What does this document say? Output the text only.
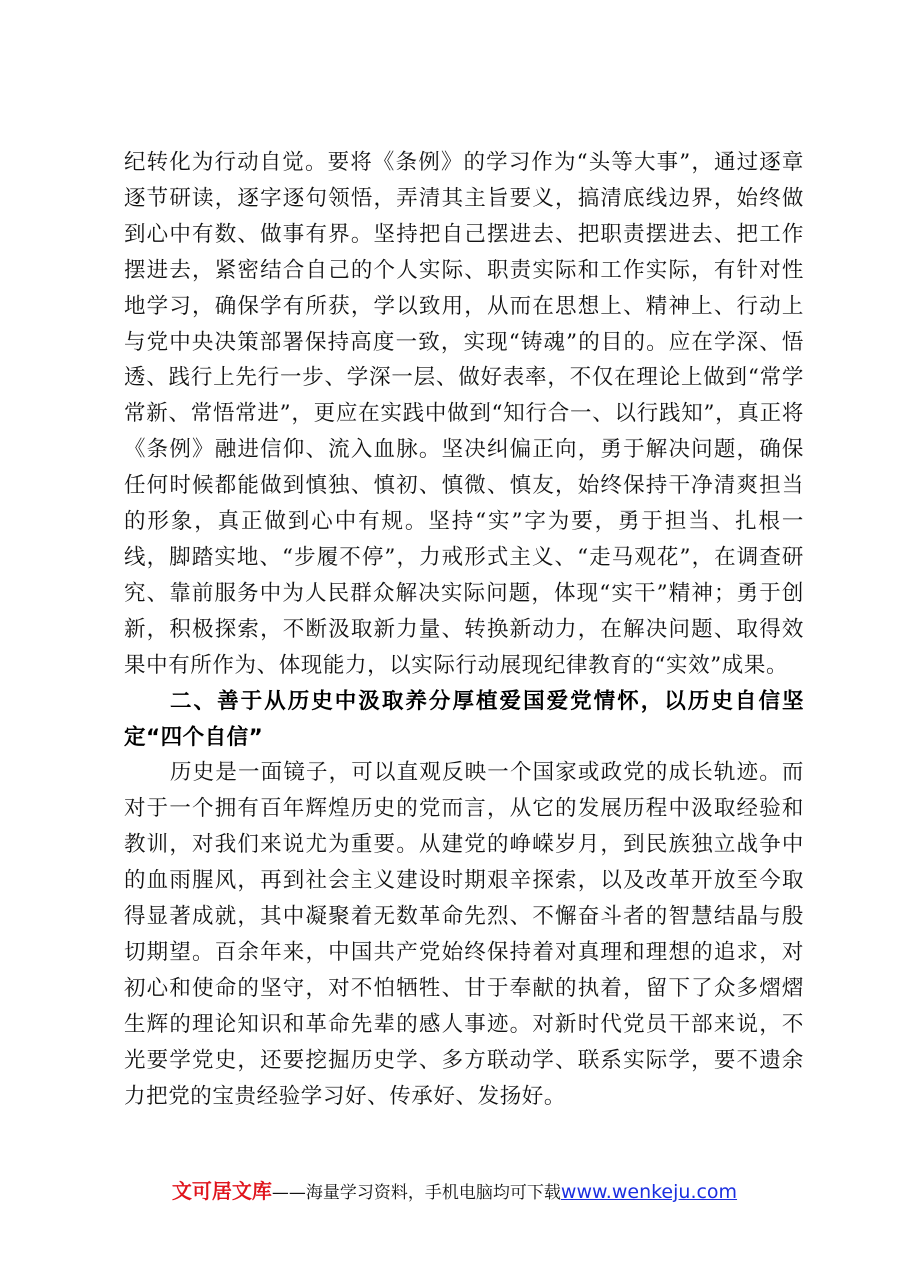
纪转化为行动自觉。要将《条例》的学习作为“头等大事”，通过逐章逐节研读，逐字逐句领悟，弄清其主旨要义，搞清底线边界，始终做到心中有数、做事有界。坚持把自己摆进去、把职责摆进去、把工作摆进去，紧密结合自己的个人实际、职责实际和工作实际，有针对性地学习，确保学有所获，学以致用，从而在思想上、精神上、行动上与党中央决策部署保持高度一致，实现“铸魂”的目的。应在学深、悟透、践行上先行一步、学深一层、做好表率，不仅在理论上做到“常学常新、常悟常进”，更应在实践中做到“知行合一、以行践知”，真正将《条例》融进信仰、流入血脉。坚决纠偏正向，勇于解决问题，确保任何时候都能做到慎独、慎初、慎微、慎友，始终保持干净清爽担当的形象，真正做到心中有规。坚持“实”字为要，勇于担当、扎根一线，脚踏实地、“步履不停”，力戒形式主义、“走马观花”，在调查研究、靠前服务中为人民群众解决实际问题，体现“实干”精神；勇于创新，积极探索，不断汲取新力量、转换新动力，在解决问题、取得效果中有所作为、体现能力，以实际行动展现纪律教育的“实效”成果。

二、善于从历史中汲取养分厚植爱国爱党情怀，以历史自信坚定“四个自信”

历史是一面镜子，可以直观反映一个国家或政党的成长轨迹。而对于一个拥有百年辉煌历史的党而言，从它的发展历程中汲取经验和教训，对我们来说尤为重要。从建党的峥嵘岁月，到民族独立战争中的血雨腥风，再到社会主义建设时期艰辛探索，以及改革开放至今取得显著成就，其中凝聚着无数革命先烈、不懈奋斗者的智慧结晶与殷切期望。百余年来，中国共产党始终保持着对真理和理想的追求，对初心和使命的坚守，对不怕牺牲、甘于奉献的执着，留下了众多熠熠生辉的理论知识和革命先辈的感人事迹。对新时代党员干部来说，不光要学党史，还要挖掘历史学、多方联动学、联系实际学，要不遗余力把党的宝贵经验学习好、传承好、发扬好。

文可居文库——海量学习资料，手机电脑均可下载www.wenkeju.com
